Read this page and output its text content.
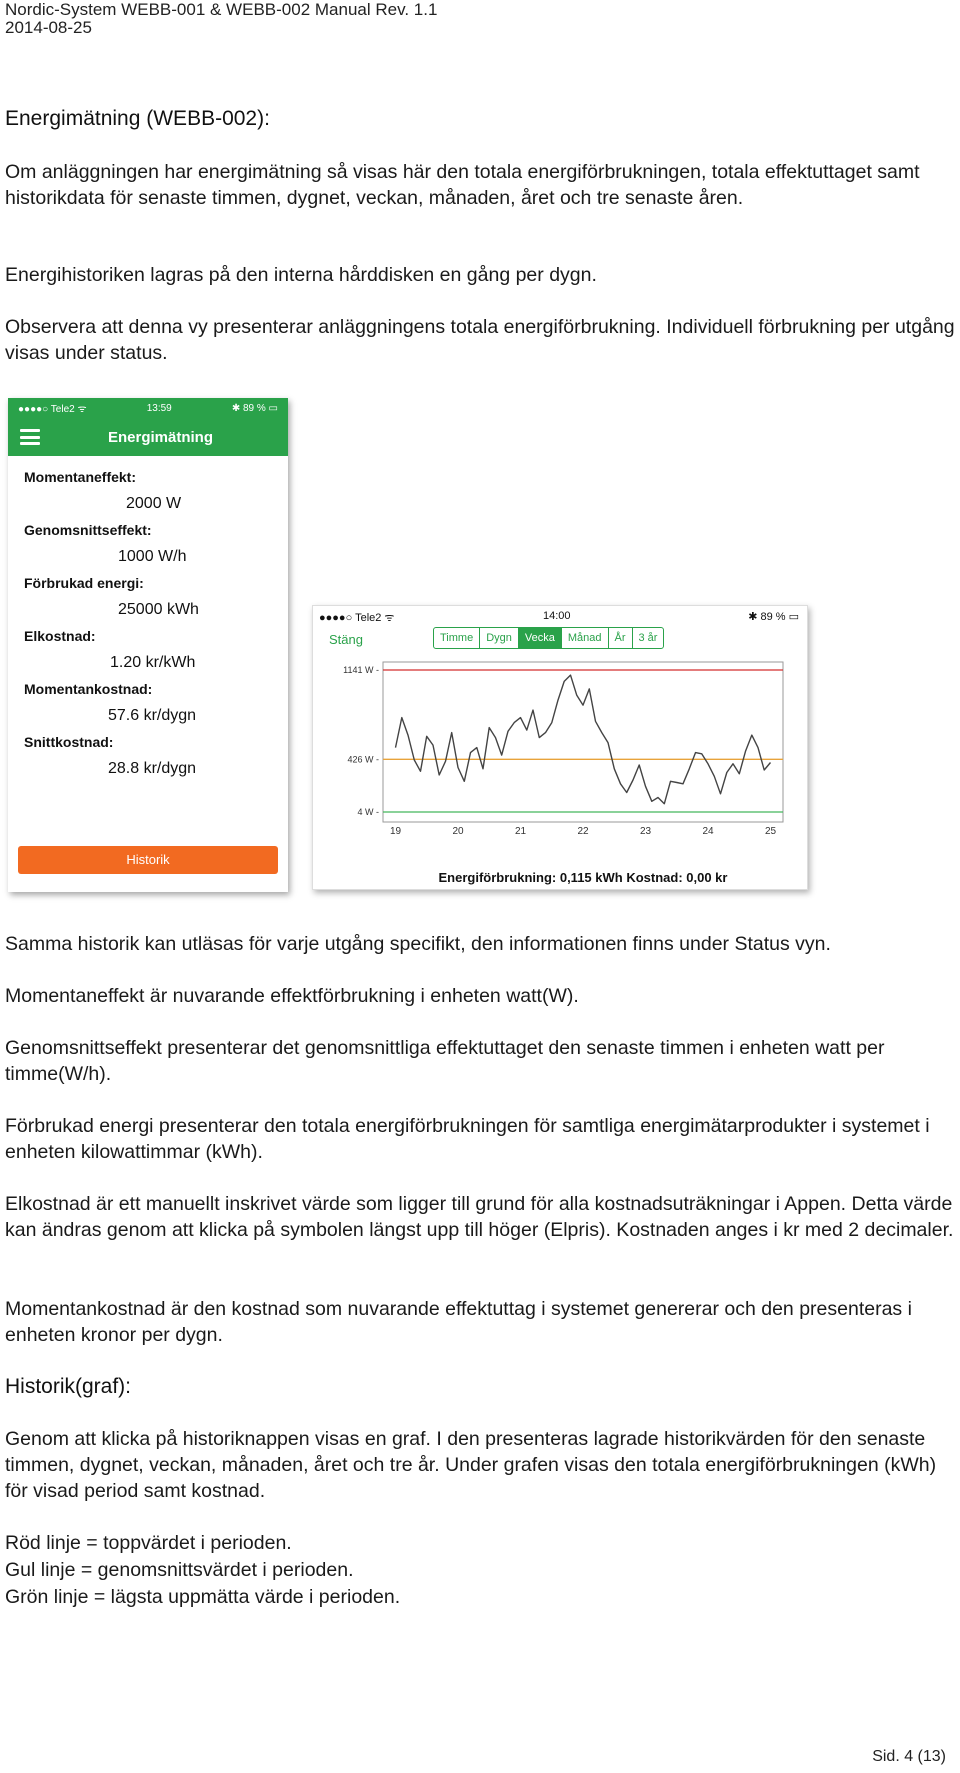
Nordic-System WEBB-001 & WEBB-002 Manual Rev. 1.1
2014-08-25
Energimätning (WEBB-002):
Om anläggningen har energimätning så visas här den totala energiförbrukningen, totala effektuttaget samt historikdata för senaste timmen, dygnet, veckan, månaden, året och tre senaste åren.
Energihistoriken lagras på den interna hårddisken en gång per dygn.
Observera att denna vy presenterar anläggningens totala energiförbrukning. Individuell förbrukning per utgång visas under status.
●●●●○ Tele2 ᯤ	13:59	✱ 89 % ▭
Energimätning
Momentaneffekt:
2000 W
Genomsnittseffekt:
1000 W/h
Förbrukad energi:
25000 kWh
Elkostnad:
1.20 kr/kWh
Momentankostnad:
57.6 kr/dygn
Snittkostnad:
28.8 kr/dygn
Historik
●●●●○ Tele2 ᯤ	14:00	✱ 89 % ▭
Stäng	Timme	Dygn	Vecka	Månad	År	3 år
1141 W -
426 W -
4 W -
19	20	21	22	23	24	25
Energiförbrukning: 0,115 kWh Kostnad: 0,00 kr
Samma historik kan utläsas för varje utgång specifikt, den informationen finns under Status vyn.
Momentaneffekt är nuvarande effektförbrukning i enheten watt(W).
Genomsnittseffekt presenterar det genomsnittliga effektuttaget den senaste timmen i enheten watt per timme(W/h).
Förbrukad energi presenterar den totala energiförbrukningen för samtliga energimätarprodukter i systemet i enheten kilowattimmar (kWh).
Elkostnad är ett manuellt inskrivet värde som ligger till grund för alla kostnadsuträkningar i Appen. Detta värde kan ändras genom att klicka på symbolen längst upp till höger (Elpris). Kostnaden anges i kr med 2 decimaler.
Momentankostnad är den kostnad som nuvarande effektuttag i systemet genererar och den presenteras i enheten kronor per dygn.
Historik(graf):
Genom att klicka på historiknappen visas en graf. I den presenteras lagrade historikvärden för den senaste timmen, dygnet, veckan, månaden, året och tre år. Under grafen visas den totala energiförbrukningen (kWh) för visad period samt kostnad.
Röd linje = toppvärdet i perioden.
Gul linje = genomsnittsvärdet i perioden.
Grön linje = lägsta uppmätta värde i perioden.
Sid. 4 (13)
